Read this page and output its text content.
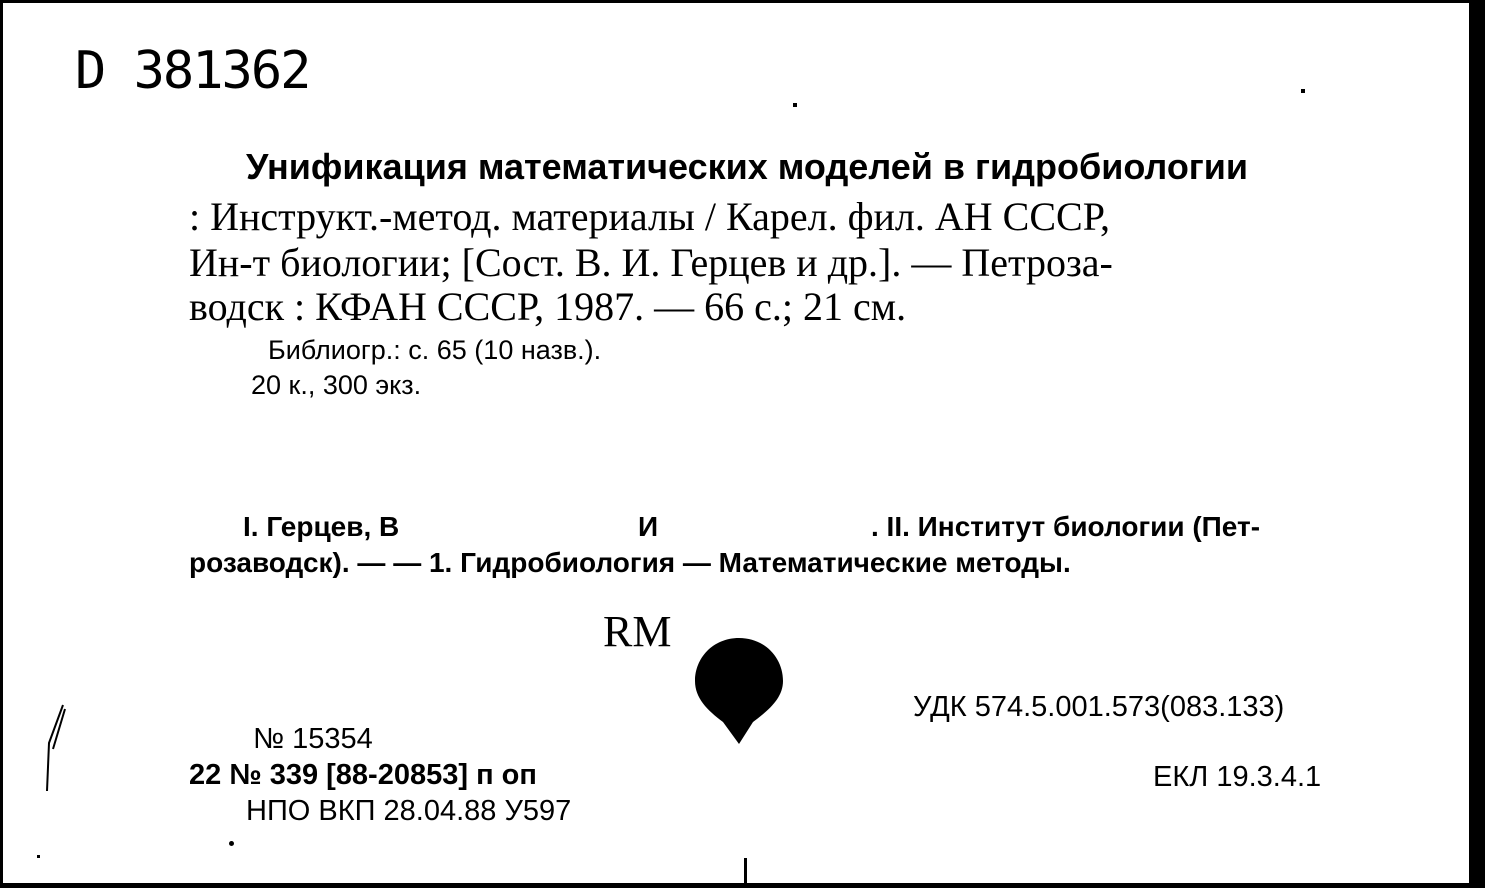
D 381362
Унификация математических моделей в гидробиологии
: Инструкт.-метод. материалы / Карел. фил. АН СССР,
Ин-т биологии; [Сост. В. И. Герцев и др.]. — Петроза-
водск : КФАН СССР, 1987. — 66 с.; 21 см.
Библиогр.: с. 65 (10 назв.).
20 к., 300 экз.
I. Герцев, В	И	. II. Институт биологии (Пет-
розаводск). — — 1. Гидробиология — Математические методы.
RM
УДК 574.5.001.573(083.133)
ЕКЛ 19.3.4.1
№ 15354
22 № 339 [88-20853] п оп
НПО ВКП 28.04.88 У597
